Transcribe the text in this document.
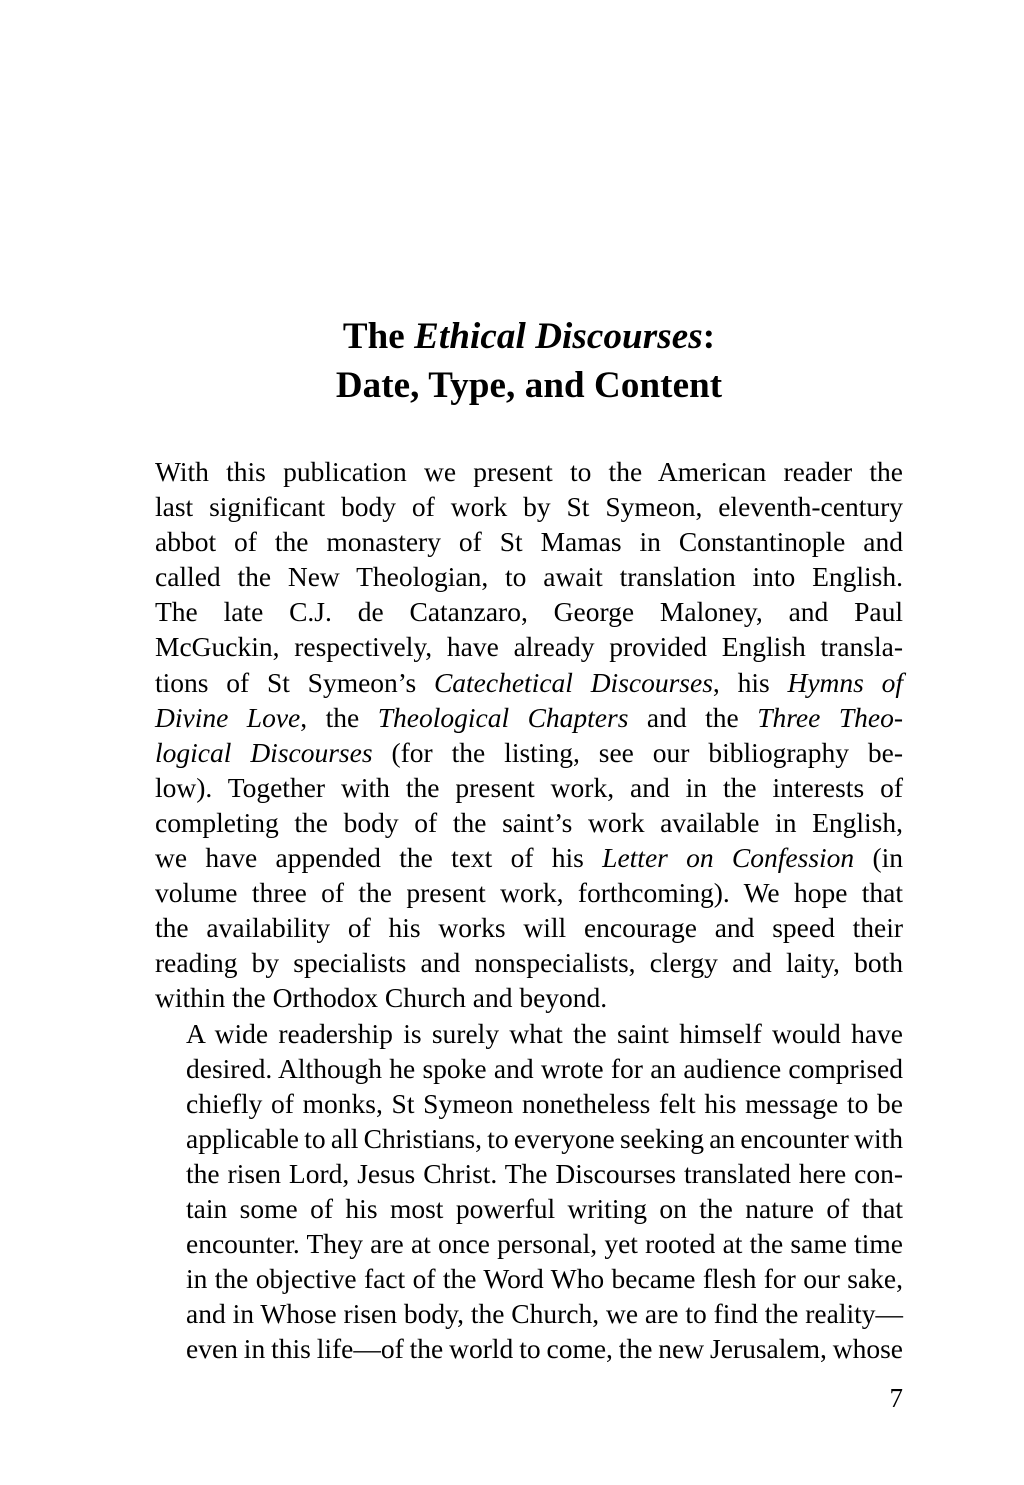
The Ethical Discourses:
Date, Type, and Content

With this publication we present to the American reader the
last significant body of work by St Symeon, eleventh-century
abbot of the monastery of St Mamas in Constantinople and
called the New Theologian, to await translation into English.
The late C.J. de Catanzaro, George Maloney, and Paul
McGuckin, respectively, have already provided English transla-
tions of St Symeon’s Catechetical Discourses, his Hymns of
Divine Love, the Theological Chapters and the Three Theo-
logical Discourses (for the listing, see our bibliography be-
low). Together with the present work, and in the interests of
completing the body of the saint’s work available in English,
we have appended the text of his Letter on Confession (in
volume three of the present work, forthcoming). We hope that
the availability of his works will encourage and speed their
reading by specialists and nonspecialists, clergy and laity, both
within the Orthodox Church and beyond.

A wide readership is surely what the saint himself would have
desired. Although he spoke and wrote for an audience comprised
chiefly of monks, St Symeon nonetheless felt his message to be
applicable to all Christians, to everyone seeking an encounter with
the risen Lord, Jesus Christ. The Discourses translated here con-
tain some of his most powerful writing on the nature of that
encounter. They are at once personal, yet rooted at the same time
in the objective fact of the Word Who became flesh for our sake,
and in Whose risen body, the Church, we are to find the reality—
even in this life—of the world to come, the new Jerusalem, whose

7
